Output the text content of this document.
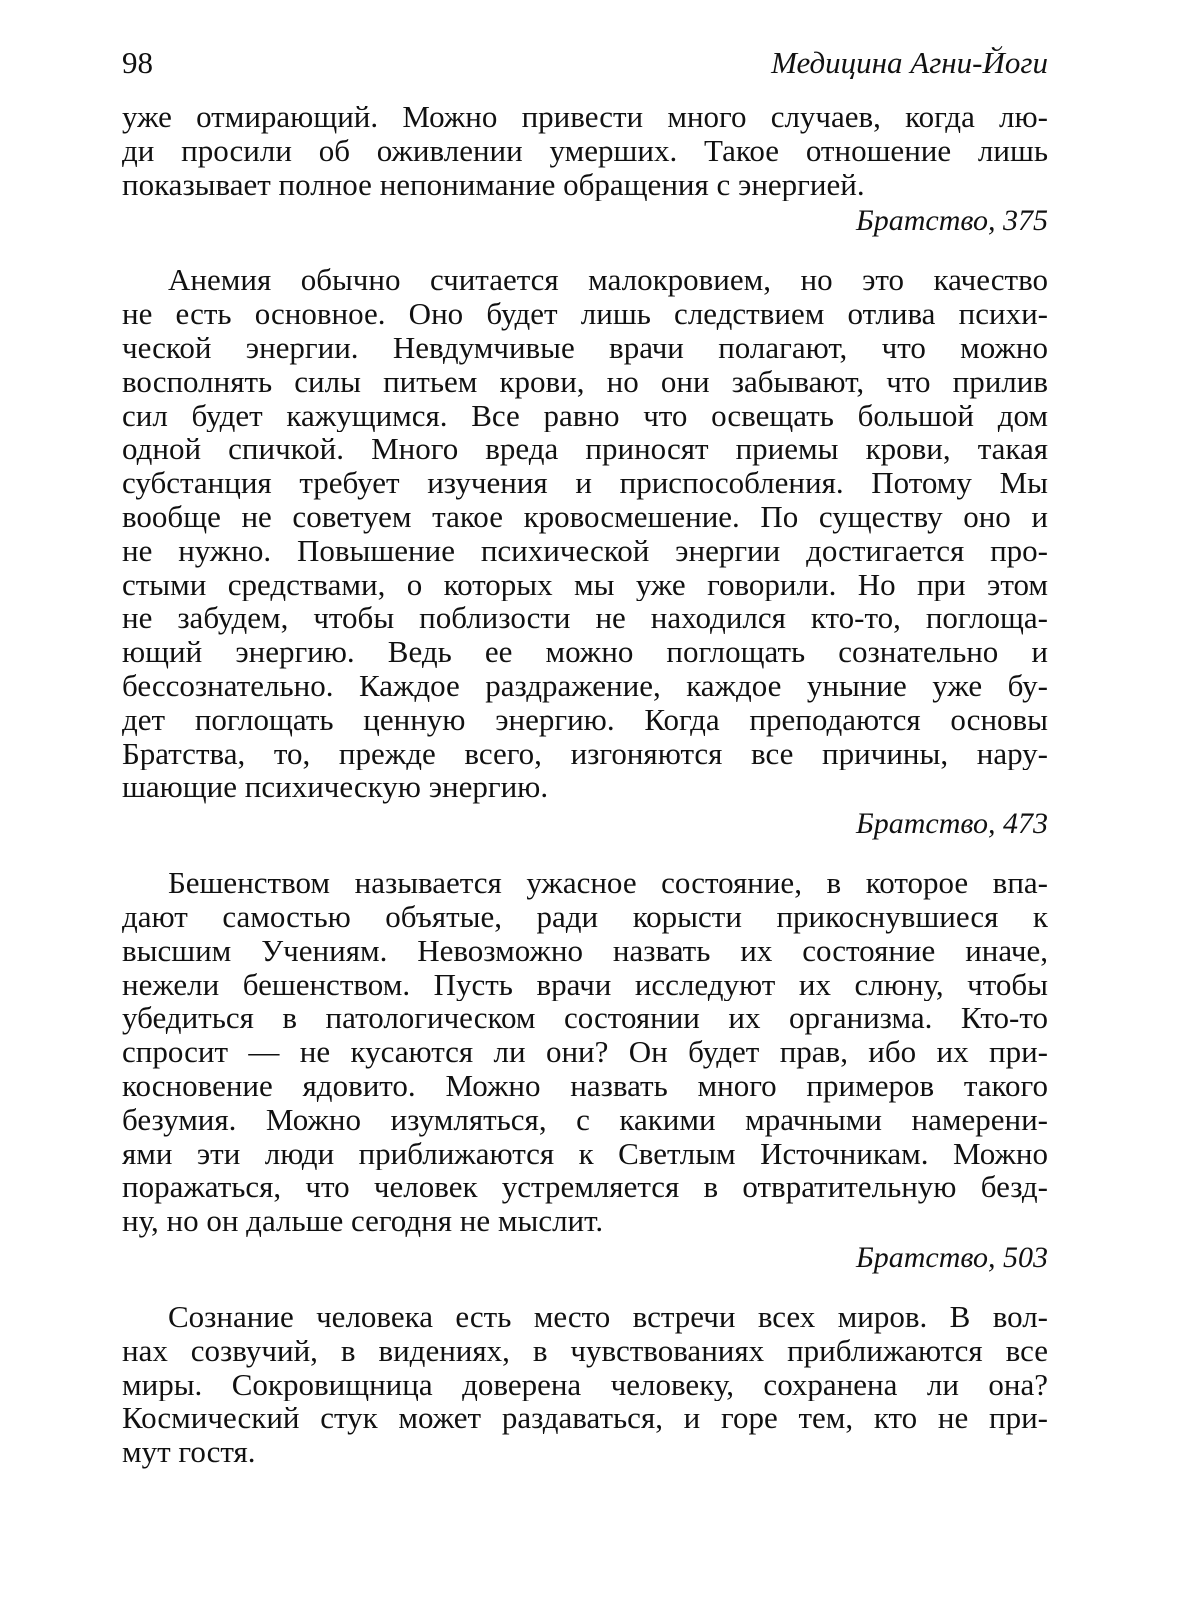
98	Медицина Агни-Йоги
уже отмирающий. Можно привести много случаев, когда лю-
ди просили об оживлении умерших. Такое отношение лишь
показывает полное непонимание обращения с энергией.
Братство, 375
Анемия обычно считается малокровием, но это качество
не есть основное. Оно будет лишь следствием отлива психи-
ческой энергии. Невдумчивые врачи полагают, что можно
восполнять силы питьем крови, но они забывают, что прилив
сил будет кажущимся. Все равно что освещать большой дом
одной спичкой. Много вреда приносят приемы крови, такая
субстанция требует изучения и приспособления. Потому Мы
вообще не советуем такое кровосмешение. По существу оно и
не нужно. Повышение психической энергии достигается про-
стыми средствами, о которых мы уже говорили. Но при этом
не забудем, чтобы поблизости не находился кто-то, поглоща-
ющий энергию. Ведь ее можно поглощать сознательно и
бессознательно. Каждое раздражение, каждое уныние уже бу-
дет поглощать ценную энергию. Когда преподаются основы
Братства, то, прежде всего, изгоняются все причины, нару-
шающие психическую энергию.
Братство, 473
Бешенством называется ужасное состояние, в которое впа-
дают самостью объятые, ради корысти прикоснувшиеся к
высшим Учениям. Невозможно назвать их состояние иначе,
нежели бешенством. Пусть врачи исследуют их слюну, чтобы
убедиться в патологическом состоянии их организма. Кто-то
спросит — не кусаются ли они? Он будет прав, ибо их при-
косновение ядовито. Можно назвать много примеров такого
безумия. Можно изумляться, с какими мрачными намерени-
ями эти люди приближаются к Светлым Источникам. Можно
поражаться, что человек устремляется в отвратительную безд-
ну, но он дальше сегодня не мыслит.
Братство, 503
Сознание человека есть место встречи всех миров. В вол-
нах созвучий, в видениях, в чувствованиях приближаются все
миры. Сокровищница доверена человеку, сохранена ли она?
Космический стук может раздаваться, и горе тем, кто не при-
мут гостя.
